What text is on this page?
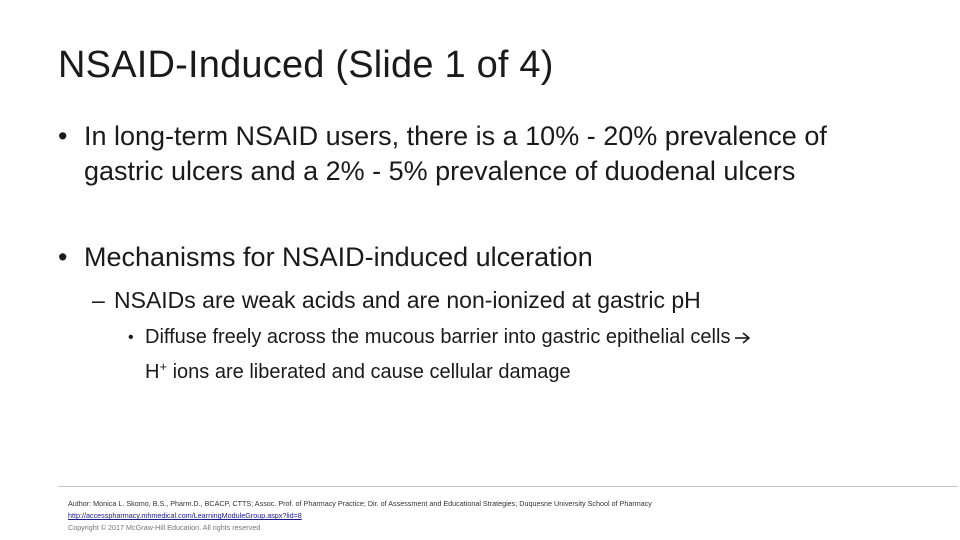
NSAID-Induced (Slide 1 of 4)
• In long-term NSAID users, there is a 10% - 20% prevalence of gastric ulcers and a 2% - 5% prevalence of duodenal ulcers
• Mechanisms for NSAID-induced ulceration
– NSAIDs are weak acids and are non-ionized at gastric pH
• Diffuse freely across the mucous barrier into gastric epithelial cells
H+ ions are liberated and cause cellular damage
Author: Monica L. Skomo, B.S., Pharm.D., BCACP, CTTS; Assoc. Prof. of Pharmacy Practice; Dir. of Assessment and Educational Strategies; Duquesne University School of Pharmacy
http://accesspharmacy.mhmedical.com/LearningModuleGroup.aspx?lid=8
Copyright © 2017 McGraw-Hill Education. All rights reserved
